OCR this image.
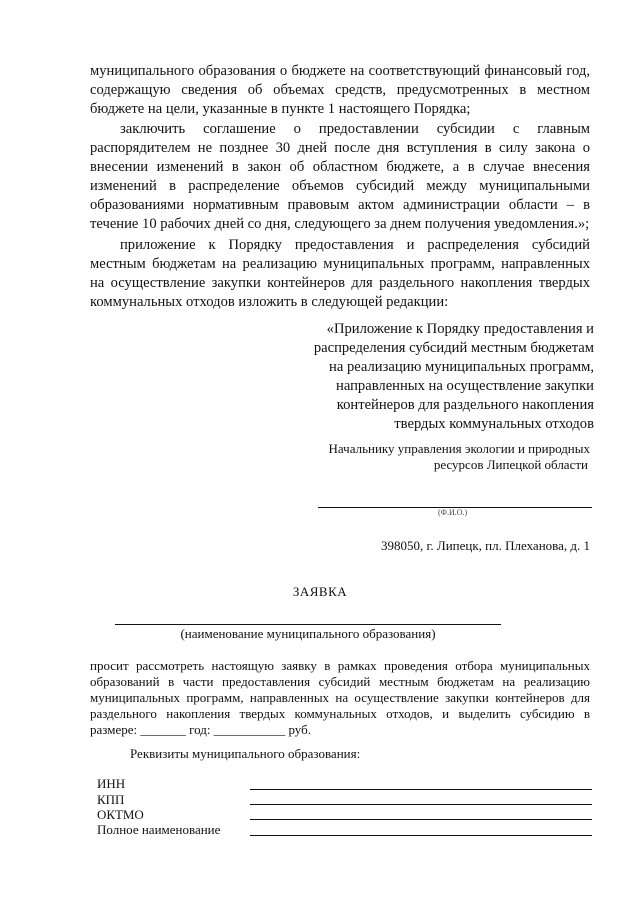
муниципального образования о бюджете на соответствующий финансовый год, содержащую сведения об объемах средств, предусмотренных в местном бюджете на цели, указанные в пункте 1 настоящего Порядка;

заключить соглашение о предоставлении субсидии с главным распорядителем не позднее 30 дней после дня вступления в силу закона о внесении изменений в закон об областном бюджете, а в случае внесения изменений в распределение объемов субсидий между муниципальными образованиями нормативным правовым актом администрации области – в течение 10 рабочих дней со дня, следующего за днем получения уведомления.»;

приложение к Порядку предоставления и распределения субсидий местным бюджетам на реализацию муниципальных программ, направленных на осуществление закупки контейнеров для раздельного накопления твердых коммунальных отходов изложить в следующей редакции:

«Приложение к Порядку предоставления и
распределения субсидий местным бюджетам
на реализацию муниципальных программ,
направленных на осуществление закупки
контейнеров для раздельного накопления
твердых коммунальных отходов
Начальнику управления экологии и природных
ресурсов Липецкой области
(Ф.И.О.)
398050, г. Липецк, пл. Плеханова, д. 1
ЗАЯВКА
(наименование муниципального образования)
просит рассмотреть настоящую заявку в рамках проведения отбора муниципальных образований в части предоставления субсидий местным бюджетам на реализацию муниципальных программ, направленных на осуществление закупки контейнеров для раздельного накопления твердых коммунальных отходов, и выделить субсидию в размере: _______ год: ___________ руб.
Реквизиты муниципального образования:
ИНН
КПП
ОКТМО
Полное наименование
